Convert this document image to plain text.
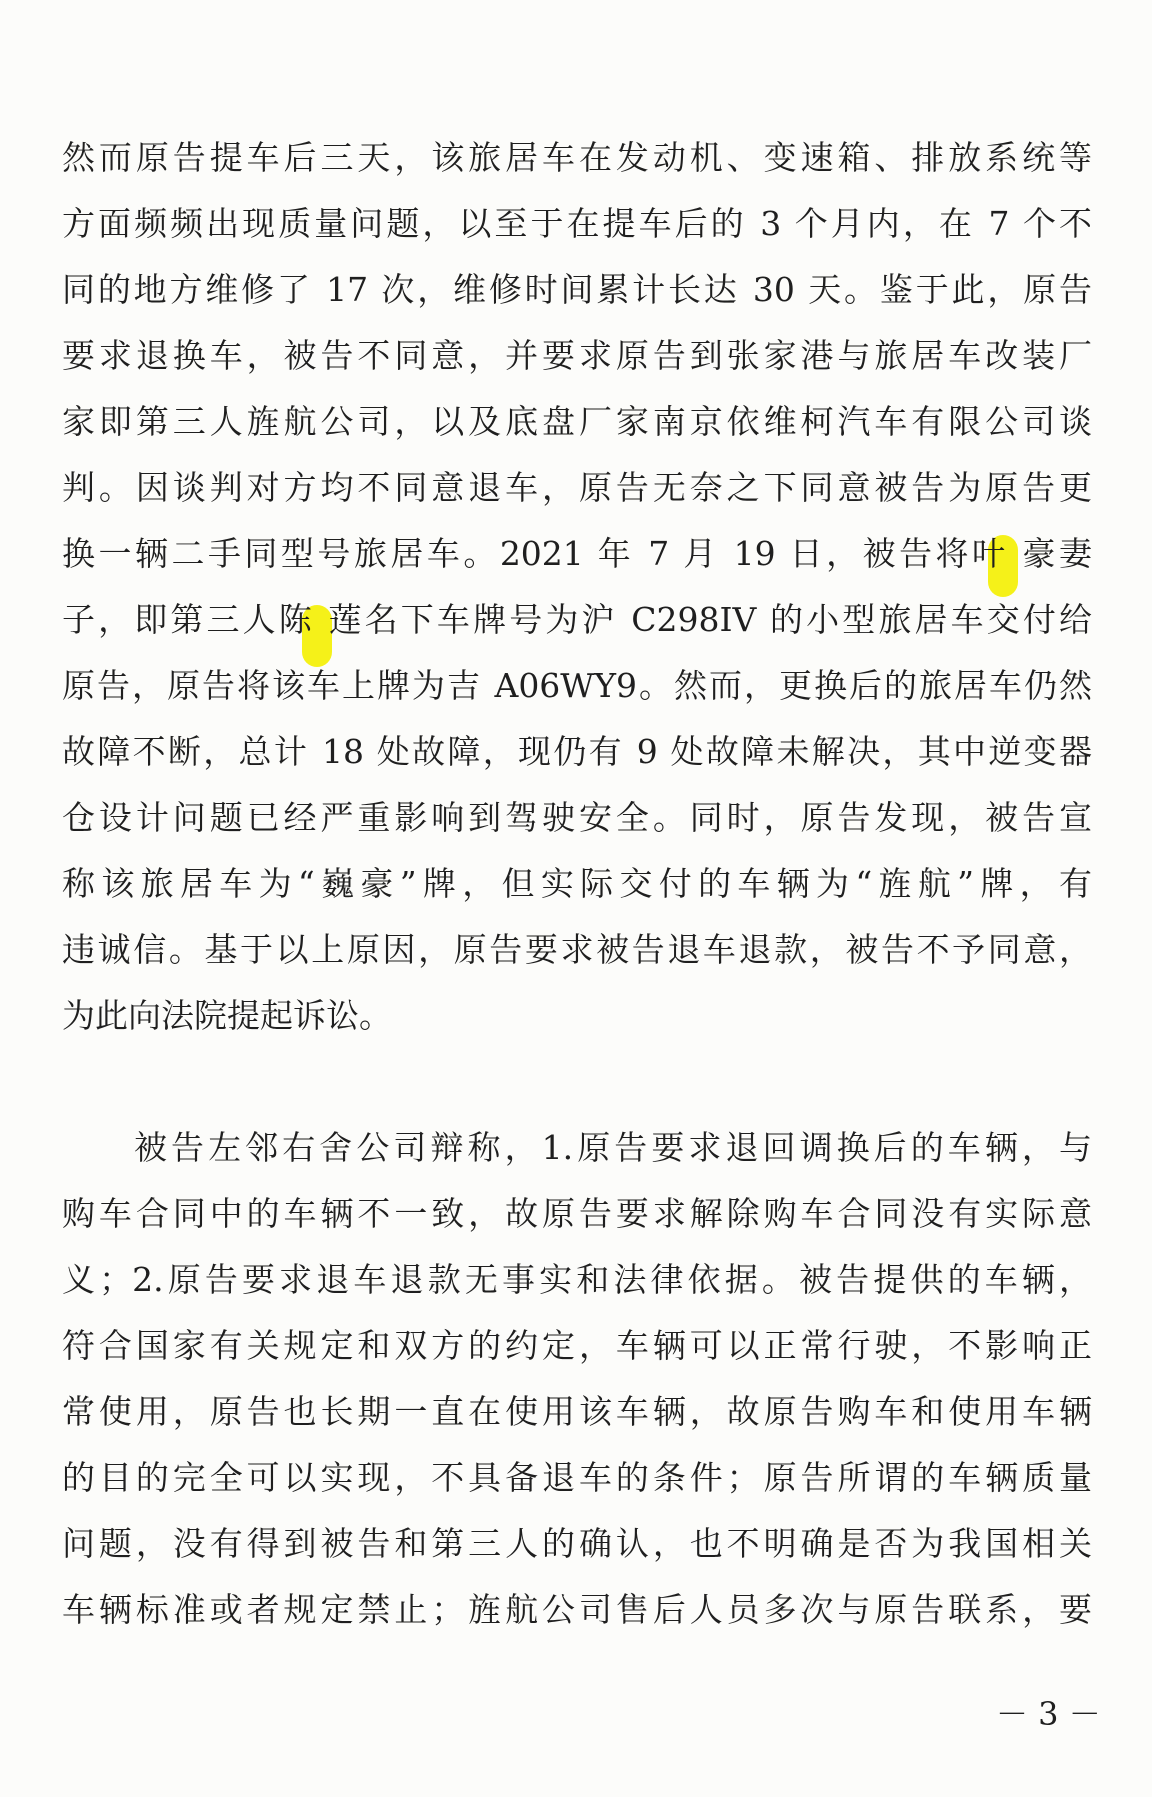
然而原告提车后三天，该旅居车在发动机、变速箱、排放系统等
方面频频出现质量问题，以至于在提车后的 3 个月内，在 7 个不
同的地方维修了 17 次，维修时间累计长达 30 天。鉴于此，原告
要求退换车，被告不同意，并要求原告到张家港与旅居车改装厂
家即第三人旌航公司，以及底盘厂家南京依维柯汽车有限公司谈
判。因谈判对方均不同意退车，原告无奈之下同意被告为原告更
换一辆二手同型号旅居车。2021 年 7 月 19 日，被告将叶 豪妻
子，即第三人陈 莲名下车牌号为沪 C298IV 的小型旅居车交付给
原告，原告将该车上牌为吉 A06WY9。然而，更换后的旅居车仍然
故障不断，总计 18 处故障，现仍有 9 处故障未解决，其中逆变器
仓设计问题已经严重影响到驾驶安全。同时，原告发现，被告宣
称该旅居车为“巍豪”牌，但实际交付的车辆为“旌航”牌，有
违诚信。基于以上原因，原告要求被告退车退款，被告不予同意，
为此向法院提起诉讼。
被告左邻右舍公司辩称，1.原告要求退回调换后的车辆，与
购车合同中的车辆不一致，故原告要求解除购车合同没有实际意
义；2.原告要求退车退款无事实和法律依据。被告提供的车辆，
符合国家有关规定和双方的约定，车辆可以正常行驶，不影响正
常使用，原告也长期一直在使用该车辆，故原告购车和使用车辆
的目的完全可以实现，不具备退车的条件；原告所谓的车辆质量
问题，没有得到被告和第三人的确认，也不明确是否为我国相关
车辆标准或者规定禁止；旌航公司售后人员多次与原告联系，要
－ 3 －
